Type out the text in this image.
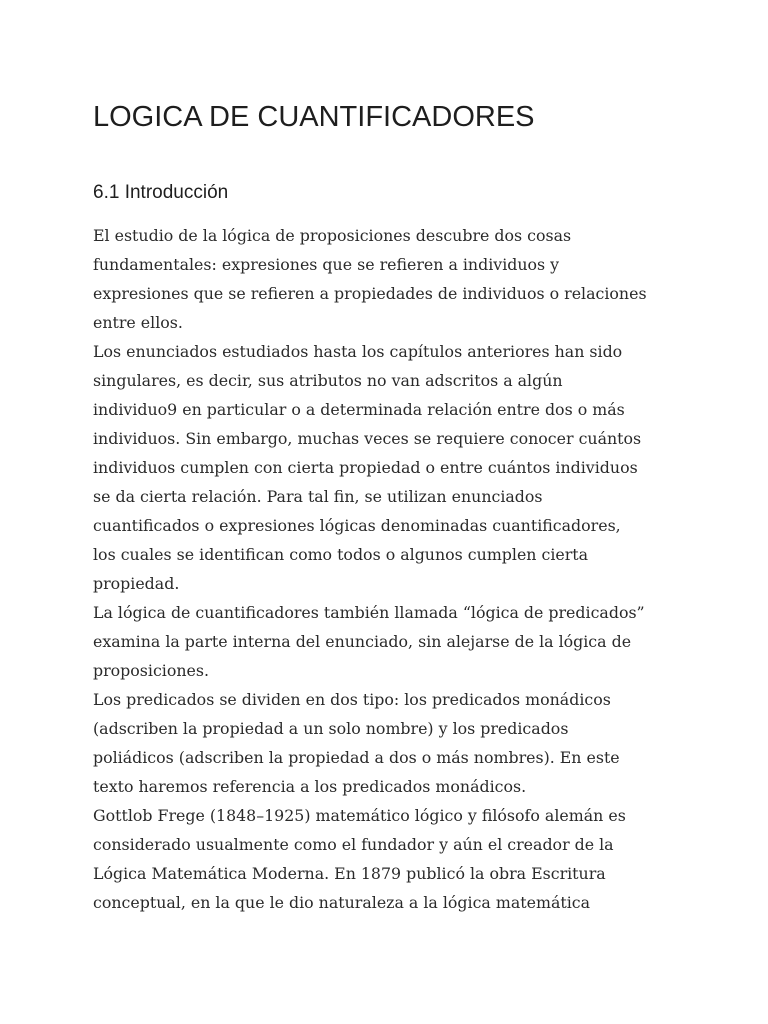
LOGICA DE CUANTIFICADORES
6.1 Introducción
El estudio de la lógica de proposiciones descubre dos cosas
fundamentales: expresiones que se refieren a individuos y
expresiones que se refieren a propiedades de individuos o relaciones
entre ellos.
Los enunciados estudiados hasta los capítulos anteriores han sido
singulares, es decir, sus atributos no van adscritos a algún
individuo9 en particular o a determinada relación entre dos o más
individuos. Sin embargo, muchas veces se requiere conocer cuántos
individuos cumplen con cierta propiedad o entre cuántos individuos
se da cierta relación. Para tal fin, se utilizan enunciados
cuantificados o expresiones lógicas denominadas cuantificadores,
los cuales se identifican como todos o algunos cumplen cierta
propiedad.
La lógica de cuantificadores también llamada “lógica de predicados”
examina la parte interna del enunciado, sin alejarse de la lógica de
proposiciones.
Los predicados se dividen en dos tipo: los predicados monádicos
(adscriben la propiedad a un solo nombre) y los predicados
poliádicos (adscriben la propiedad a dos o más nombres). En este
texto haremos referencia a los predicados monádicos.
Gottlob Frege (1848–1925) matemático lógico y filósofo alemán es
considerado usualmente como el fundador y aún el creador de la
Lógica Matemática Moderna. En 1879 publicó la obra Escritura
conceptual, en la que le dio naturaleza a la lógica matemática
